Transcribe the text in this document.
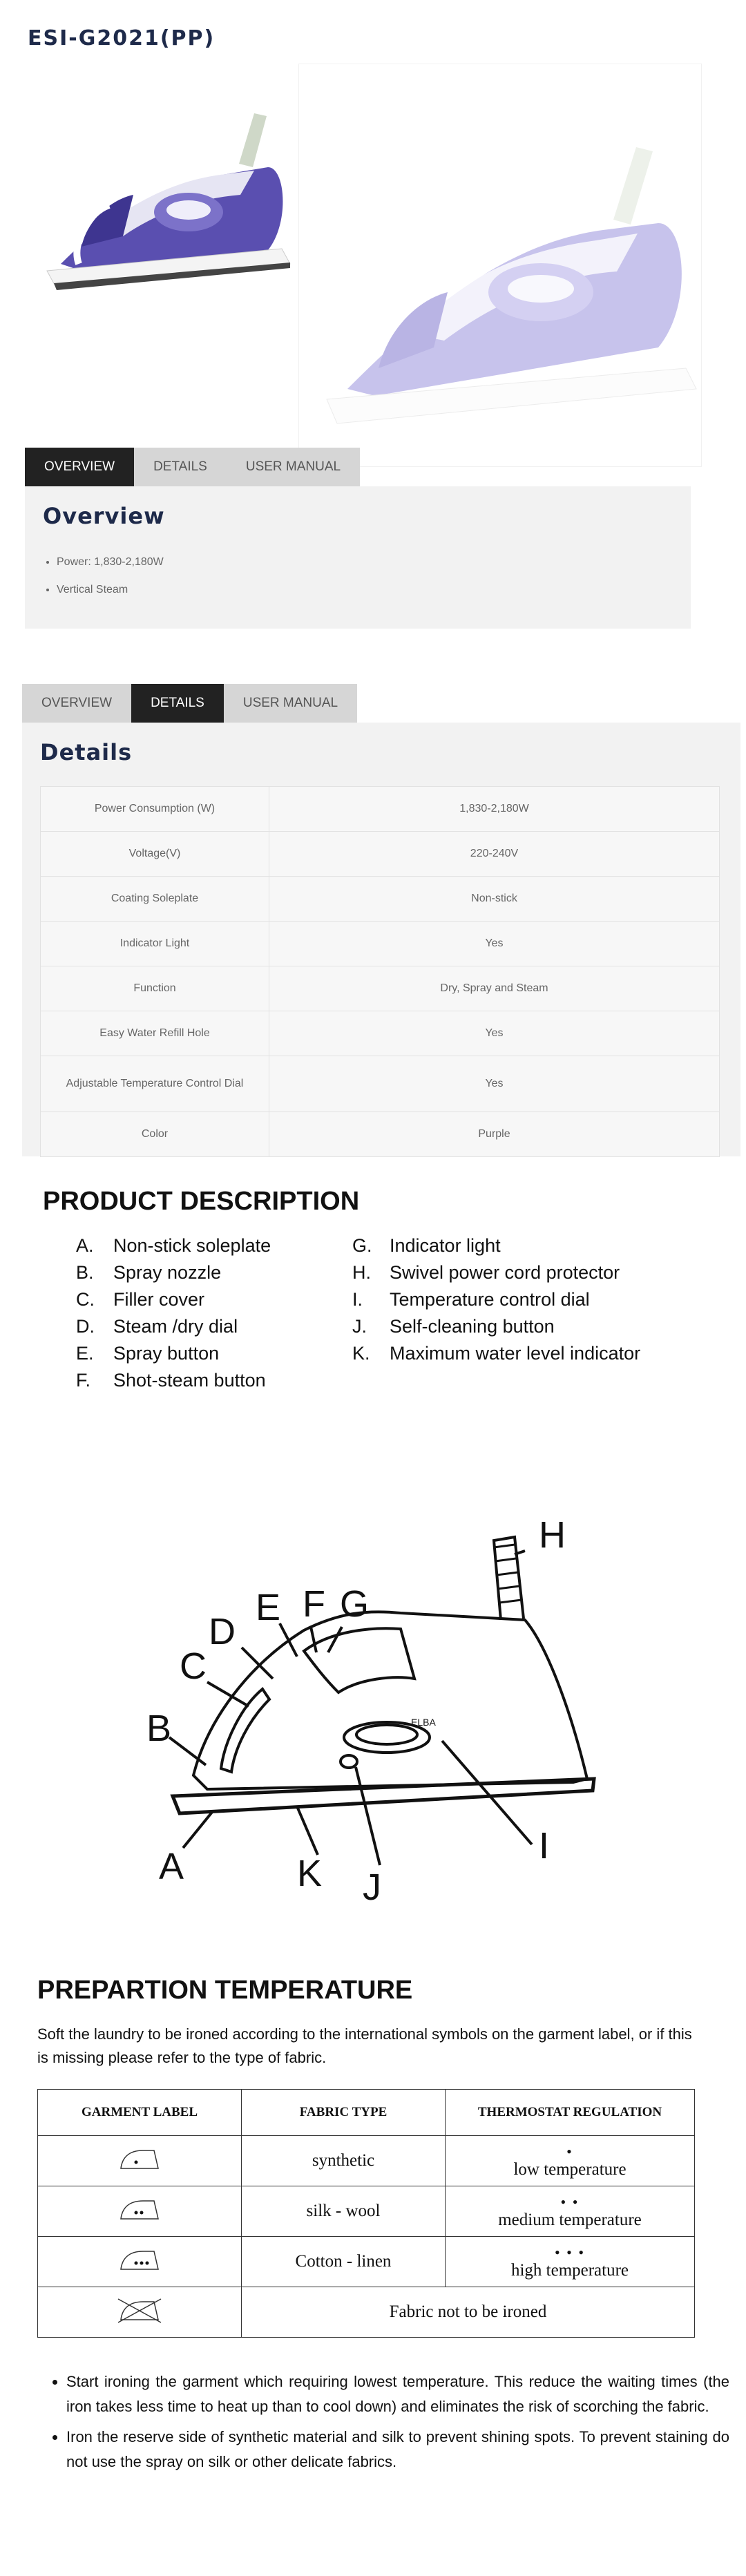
ESI-G2021(PP)
OVERVIEW	DETAILS	USER MANUAL
Overview
• Power: 1,830-2,180W
• Vertical Steam
OVERVIEW	DETAILS	USER MANUAL
Details
Power Consumption (W)	1,830-2,180W
Voltage(V)	220-240V
Coating Soleplate	Non-stick
Indicator Light	Yes
Function	Dry, Spray and Steam
Easy Water Refill Hole	Yes
Adjustable Temperature Control Dial	Yes
Color	Purple
PRODUCT DESCRIPTION
A.	Non-stick soleplate
B.	Spray nozzle
C.	Filler cover
D.	Steam /dry dial
E.	Spray button
F.	Shot-steam button
G. Indicator light
H.	Swivel power cord protector
I.	Temperature control dial
J.	Self-cleaning button
K.	Maximum water level indicator
A
B
C
D
E F G
H
I
J
K
ELBA
PREPARTION TEMPERATURE
Soft the laundry to be ironed according to the international symbols on the garment label, or if this is missing please refer to the type of fabric.
GARMENT LABEL	FABRIC TYPE	THERMOSTAT REGULATION
	synthetic	•
low temperature

	silk - wool	• •
medium temperature

	Cotton - linen	• • •
high temperature

	Fabric not to be ironed	
• Start ironing the garment which requiring lowest temperature. This reduce the waiting times (the iron takes less time to heat up than to cool down) and eliminates the risk of scorching the fabric.
• Iron the reserve side of synthetic material and silk to prevent shining spots. To prevent staining do not use the spray on silk or other delicate fabrics.
